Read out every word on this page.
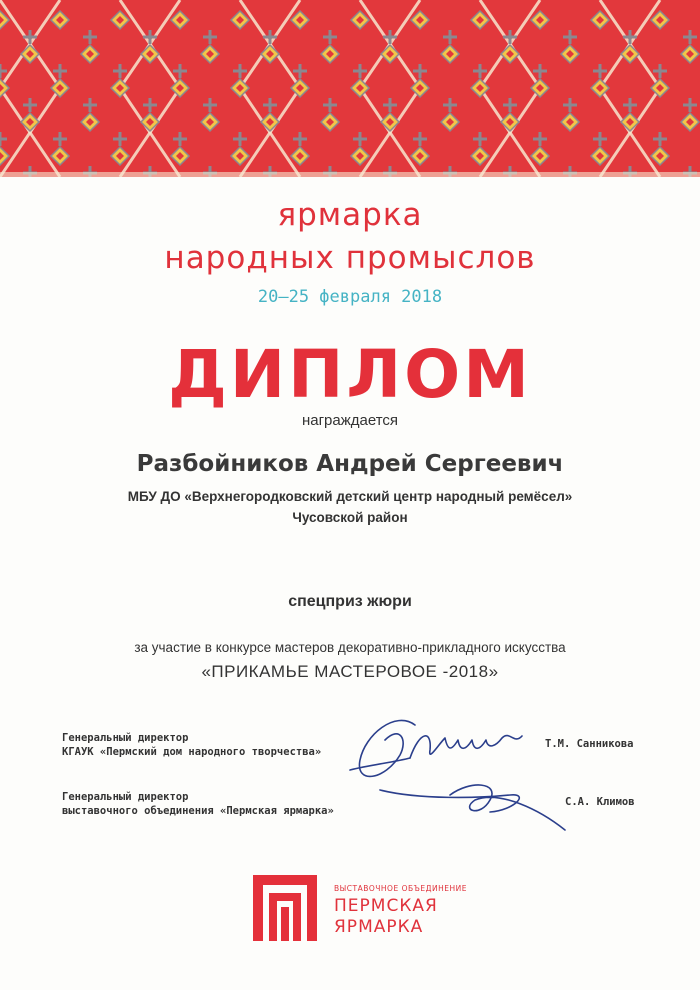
ярмарка
народных промыслов
20–25 февраля 2018
ДИПЛОМ
награждается
Разбойников Андрей Сергеевич
МБУ ДО «Верхнегородковский детский центр народный ремёсел»
Чусовской район
спецприз жюри
за участие в конкурсе мастеров декоративно-прикладного искусства
«ПРИКАМЬЕ МАСТЕРОВОЕ -2018»
Генеральный директор
КГАУК «Пермский дом народного творчества»
Т.М. Санникова
Генеральный директор
выставочного объединения «Пермская ярмарка»
С.А. Климов
ВЫСТАВОЧНОЕ ОБЪЕДИНЕНИЕ
ПЕРМСКАЯ
ЯРМАРКА
